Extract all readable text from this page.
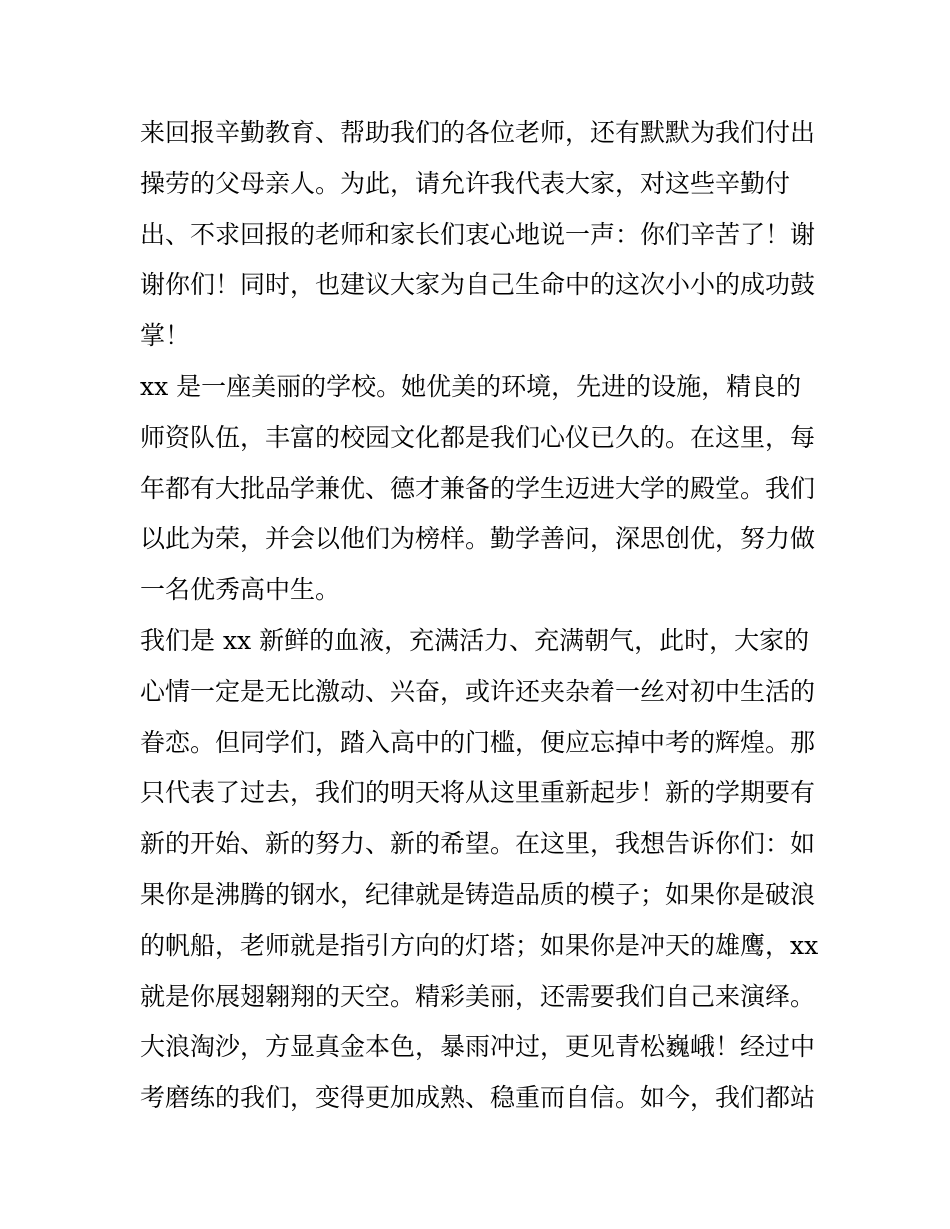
来回报辛勤教育、帮助我们的各位老师，还有默默为我们付出
操劳的父母亲人。为此，请允许我代表大家，对这些辛勤付
出、不求回报的老师和家长们衷心地说一声：你们辛苦了！谢
谢你们！同时，也建议大家为自己生命中的这次小小的成功鼓
掌！
xx 是一座美丽的学校。她优美的环境，先进的设施，精良的
师资队伍，丰富的校园文化都是我们心仪已久的。在这里，每
年都有大批品学兼优、德才兼备的学生迈进大学的殿堂。我们
以此为荣，并会以他们为榜样。勤学善问，深思创优，努力做
一名优秀高中生。
我们是 xx 新鲜的血液，充满活力、充满朝气，此时，大家的
心情一定是无比激动、兴奋，或许还夹杂着一丝对初中生活的
眷恋。但同学们，踏入高中的门槛，便应忘掉中考的辉煌。那
只代表了过去，我们的明天将从这里重新起步！新的学期要有
新的开始、新的努力、新的希望。在这里，我想告诉你们：如
果你是沸腾的钢水，纪律就是铸造品质的模子；如果你是破浪
的帆船，老师就是指引方向的灯塔；如果你是冲天的雄鹰，xx
就是你展翅翱翔的天空。精彩美丽，还需要我们自己来演绎。
大浪淘沙，方显真金本色，暴雨冲过，更见青松巍峨！经过中
考磨练的我们，变得更加成熟、稳重而自信。如今，我们都站
